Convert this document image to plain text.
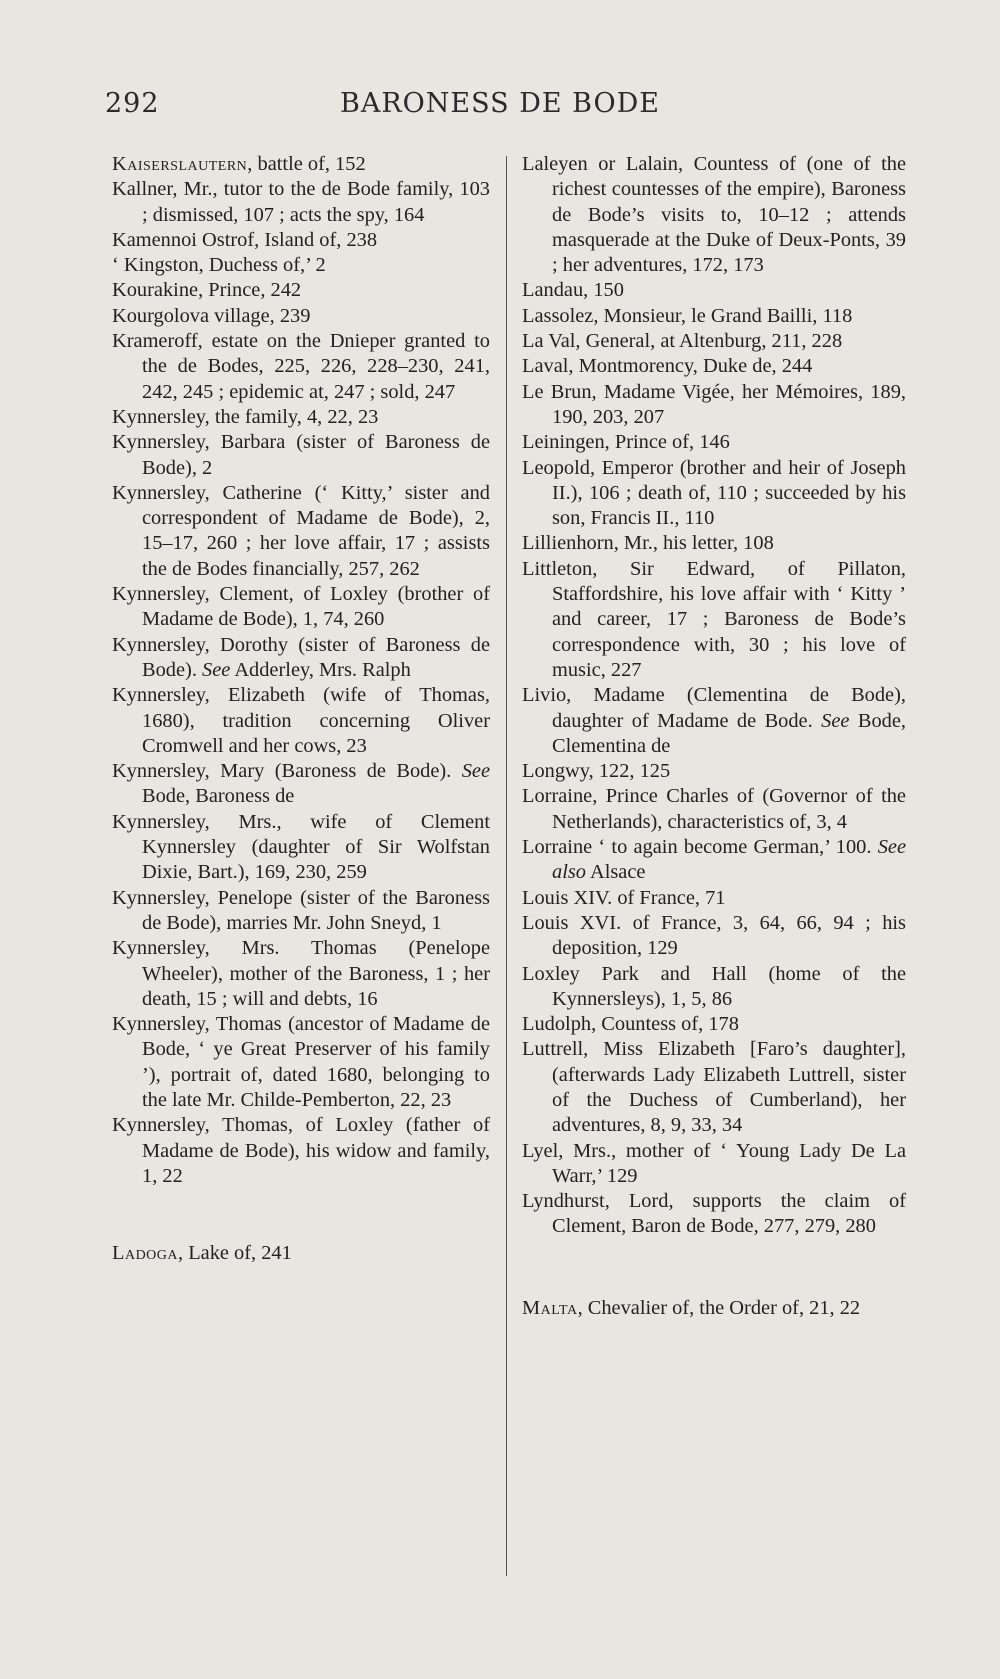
292	BARONESS DE BODE

Kaiserslautern, battle of, 152

Kallner, Mr., tutor to the de Bode family, 103 ; dismissed, 107 ; acts the spy, 164

Kamennoi Ostrof, Island of, 238

‘ Kingston, Duchess of,’ 2

Kourakine, Prince, 242

Kourgolova village, 239

Krameroff, estate on the Dnieper granted to the de Bodes, 225, 226, 228–230, 241, 242, 245 ; epidemic at, 247 ; sold, 247

Kynnersley, the family, 4, 22, 23

Kynnersley, Barbara (sister of Baroness de Bode), 2

Kynnersley, Catherine (‘ Kitty,’ sister and correspondent of Madame de Bode), 2, 15–17, 260 ; her love affair, 17 ; assists the de Bodes financially, 257, 262

Kynnersley, Clement, of Loxley (brother of Madame de Bode), 1, 74, 260

Kynnersley, Dorothy (sister of Baroness de Bode). See Adderley, Mrs. Ralph

Kynnersley, Elizabeth (wife of Thomas, 1680), tradition concerning Oliver Cromwell and her cows, 23

Kynnersley, Mary (Baroness de Bode). See Bode, Baroness de

Kynnersley, Mrs., wife of Clement Kynnersley (daughter of Sir Wolfstan Dixie, Bart.), 169, 230, 259

Kynnersley, Penelope (sister of the Baroness de Bode), marries Mr. John Sneyd, 1

Kynnersley, Mrs. Thomas (Penelope Wheeler), mother of the Baroness, 1 ; her death, 15 ; will and debts, 16

Kynnersley, Thomas (ancestor of Madame de Bode, ‘ ye Great Preserver of his family ’), portrait of, dated 1680, belonging to the late Mr. Childe-Pemberton, 22, 23

Kynnersley, Thomas, of Loxley (father of Madame de Bode), his widow and family, 1, 22

Ladoga, Lake of, 241

Laleyen or Lalain, Countess of (one of the richest countesses of the empire), Baroness de Bode’s visits to, 10–12 ; attends masquerade at the Duke of Deux-Ponts, 39 ; her adventures, 172, 173

Landau, 150

Lassolez, Monsieur, le Grand Bailli, 118

La Val, General, at Altenburg, 211, 228

Laval, Montmorency, Duke de, 244

Le Brun, Madame Vigée, her Mémoires, 189, 190, 203, 207

Leiningen, Prince of, 146

Leopold, Emperor (brother and heir of Joseph II.), 106 ; death of, 110 ; succeeded by his son, Francis II., 110

Lillienhorn, Mr., his letter, 108

Littleton, Sir Edward, of Pillaton, Staffordshire, his love affair with ‘ Kitty ’ and career, 17 ; Baroness de Bode’s correspondence with, 30 ; his love of music, 227

Livio, Madame (Clementina de Bode), daughter of Madame de Bode. See Bode, Clementina de

Longwy, 122, 125

Lorraine, Prince Charles of (Governor of the Netherlands), characteristics of, 3, 4

Lorraine ‘ to again become German,’ 100. See also Alsace

Louis XIV. of France, 71

Louis XVI. of France, 3, 64, 66, 94 ; his deposition, 129

Loxley Park and Hall (home of the Kynnersleys), 1, 5, 86

Ludolph, Countess of, 178

Luttrell, Miss Elizabeth [Faro’s daughter], (afterwards Lady Elizabeth Luttrell, sister of the Duchess of Cumberland), her adventures, 8, 9, 33, 34

Lyel, Mrs., mother of ‘ Young Lady De La Warr,’ 129

Lyndhurst, Lord, supports the claim of Clement, Baron de Bode, 277, 279, 280

Malta, Chevalier of, the Order of, 21, 22
